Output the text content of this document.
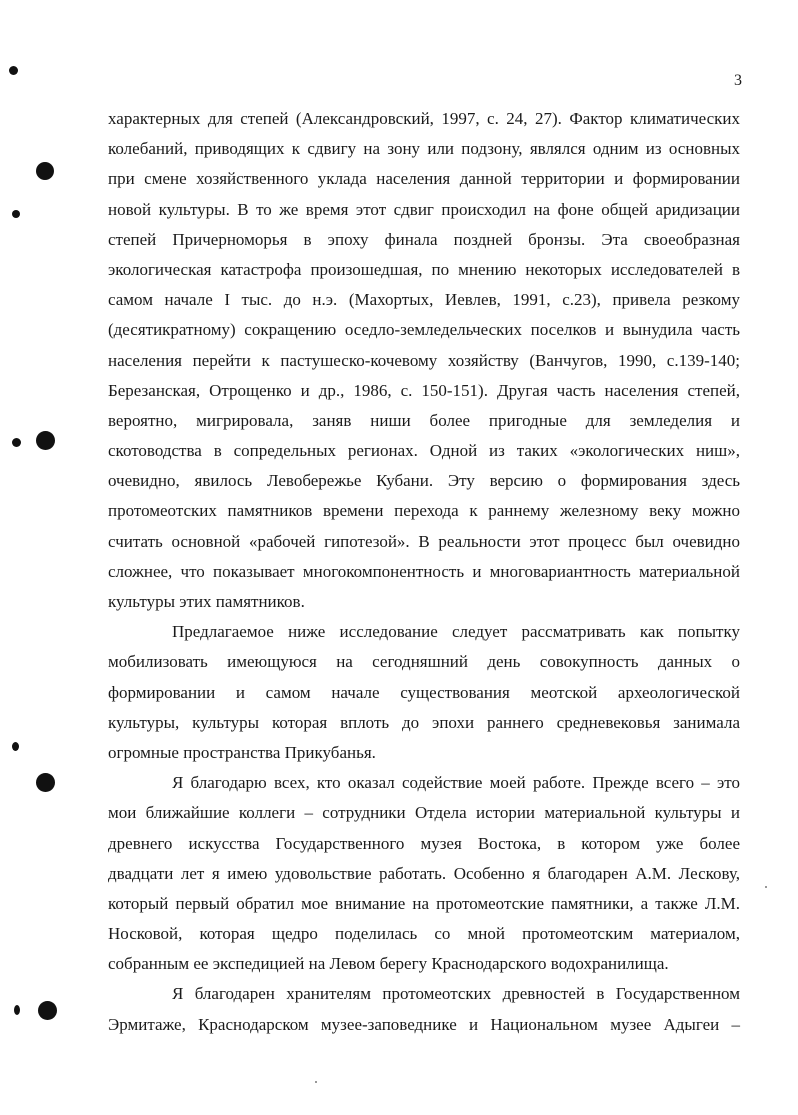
3

характерных для степей (Александровский, 1997, с. 24, 27). Фактор климатических
колебаний, приводящих к сдвигу на зону или подзону, являлся одним из основных
при смене хозяйственного уклада населения данной территории и формировании
новой культуры. В то же время этот сдвиг происходил на фоне общей аридизации
степей Причерноморья в эпоху финала поздней бронзы. Эта своеобразная
экологическая катастрофа произошедшая, по мнению некоторых исследователей в
самом начале I тыс. до н.э. (Махортых, Иевлев, 1991, с.23), привела резкому
(десятикратному) сокращению оседло-земледельческих поселков и вынудила часть
населения перейти к пастушеско-кочевому хозяйству (Ванчугов, 1990, с.139-140;
Березанская, Отрощенко и др., 1986, с. 150-151). Другая часть населения степей,
вероятно, мигрировала, заняв ниши более пригодные для земледелия и
скотоводства в сопредельных регионах. Одной из таких «экологических ниш»,
очевидно, явилось Левобережье Кубани. Эту версию о формирования здесь
протомеотских памятников времени перехода к раннему железному веку можно
считать основной «рабочей гипотезой». В реальности этот процесс был очевидно
сложнее, что показывает многокомпонентность и многовариантность материальной
культуры этих памятников.

Предлагаемое ниже исследование следует рассматривать как попытку
мобилизовать имеющуюся на сегодняшний день совокупность данных о
формировании и самом начале существования меотской археологической
культуры, культуры которая вплоть до эпохи раннего средневековья занимала
огромные пространства Прикубанья.

Я благодарю всех, кто оказал содействие моей работе. Прежде всего – это
мои ближайшие коллеги – сотрудники Отдела истории материальной культуры и
древнего искусства Государственного музея Востока, в котором уже более
двадцати лет я имею удовольствие работать. Особенно я благодарен А.М. Лескову,
который первый обратил мое внимание на протомеотские памятники, а также Л.М.
Носковой, которая щедро поделилась со мной протомеотским материалом,
собранным ее экспедицией на Левом берегу Краснодарского водохранилища.

Я благодарен хранителям протомеотских древностей в Государственном
Эрмитаже, Краснодарском музее-заповеднике и Национальном музее Адыгеи –
